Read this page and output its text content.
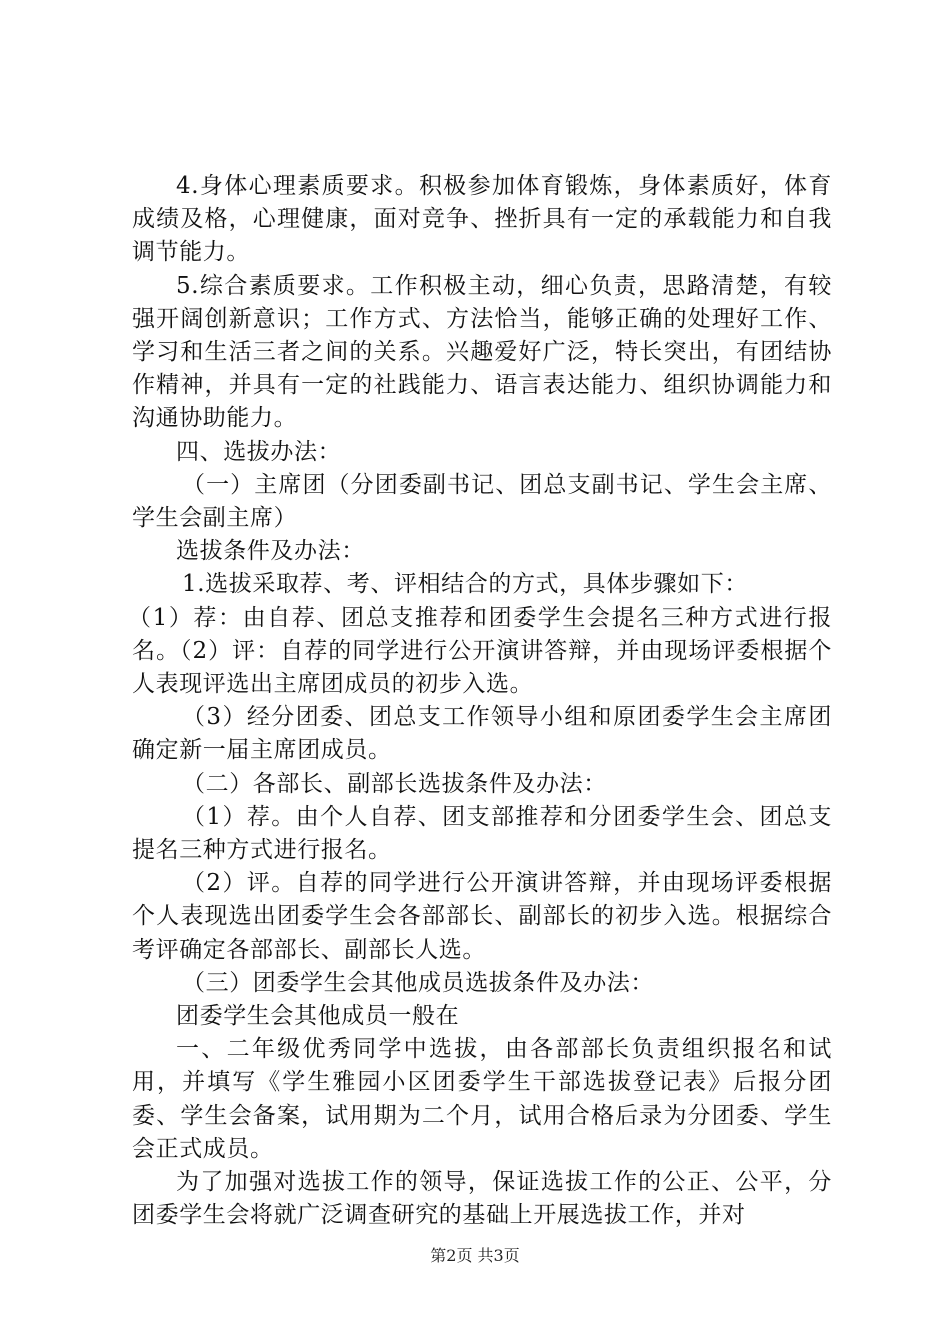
4.身体心理素质要求。积极参加体育锻炼，身体素质好，体育成绩及格，心理健康，面对竞争、挫折具有一定的承载能力和自我调节能力。

5.综合素质要求。工作积极主动，细心负责，思路清楚，有较强开阔创新意识；工作方式、方法恰当，能够正确的处理好工作、学习和生活三者之间的关系。兴趣爱好广泛，特长突出，有团结协作精神，并具有一定的社践能力、语言表达能力、组织协调能力和沟通协助能力。

四、选拔办法：

（一）主席团（分团委副书记、团总支副书记、学生会主席、学生会副主席）

选拔条件及办法：

1.选拔采取荐、考、评相结合的方式，具体步骤如下：

（1）荐：由自荐、团总支推荐和团委学生会提名三种方式进行报名。（2）评：自荐的同学进行公开演讲答辩，并由现场评委根据个人表现评选出主席团成员的初步入选。

（3）经分团委、团总支工作领导小组和原团委学生会主席团确定新一届主席团成员。

（二）各部长、副部长选拔条件及办法：

（1）荐。由个人自荐、团支部推荐和分团委学生会、团总支提名三种方式进行报名。

（2）评。自荐的同学进行公开演讲答辩，并由现场评委根据个人表现选出团委学生会各部部长、副部长的初步入选。根据综合考评确定各部部长、副部长人选。

（三）团委学生会其他成员选拔条件及办法：

团委学生会其他成员一般在

一、二年级优秀同学中选拔，由各部部长负责组织报名和试用，并填写《学生雅园小区团委学生干部选拔登记表》后报分团委、学生会备案，试用期为二个月，试用合格后录为分团委、学生会正式成员。

为了加强对选拔工作的领导，保证选拔工作的公正、公平，分团委学生会将就广泛调查研究的基础上开展选拔工作，并对

第2页 共3页
